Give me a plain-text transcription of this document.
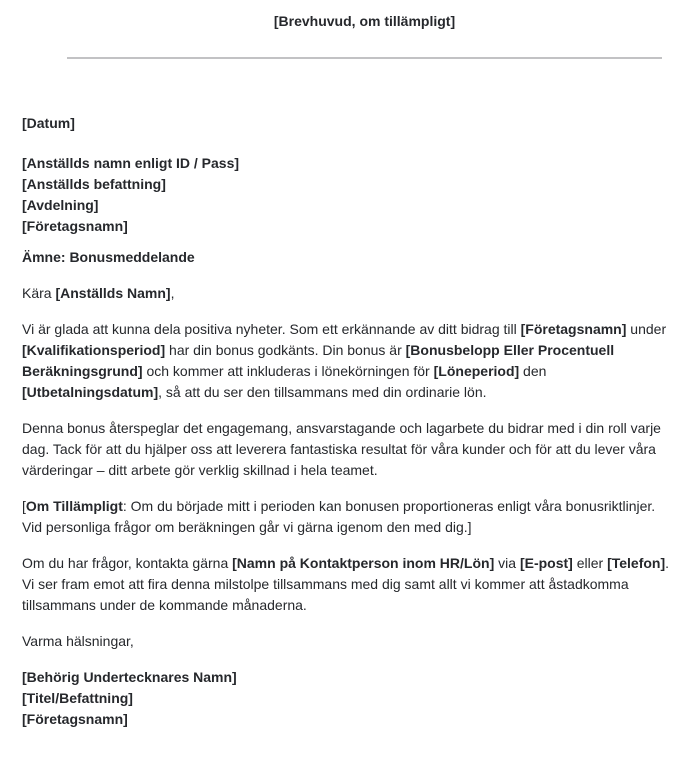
[Brevhuvud, om tillämpligt]
[Datum]
[Anställds namn enligt ID / Pass]
[Anställds befattning]
[Avdelning]
[Företagsnamn]
Ämne: Bonusmeddelande
Kära [Anställds Namn],

Vi är glada att kunna dela positiva nyheter. Som ett erkännande av ditt bidrag till [Företagsnamn] under [Kvalifikationsperiod] har din bonus godkänts. Din bonus är [Bonusbelopp Eller Procentuell Beräkningsgrund] och kommer att inkluderas i lönekörningen för [Löneperiod] den [Utbetalningsdatum], så att du ser den tillsammans med din ordinarie lön.

Denna bonus återspeglar det engagemang, ansvarstagande och lagarbete du bidrar med i din roll varje dag. Tack för att du hjälper oss att leverera fantastiska resultat för våra kunder och för att du lever våra värderingar – ditt arbete gör verklig skillnad i hela teamet.

[Om Tillämpligt: Om du började mitt i perioden kan bonusen proportioneras enligt våra bonusriktlinjer. Vid personliga frågor om beräkningen går vi gärna igenom den med dig.]

Om du har frågor, kontakta gärna [Namn på Kontaktperson inom HR/Lön] via [E-post] eller [Telefon]. Vi ser fram emot att fira denna milstolpe tillsammans med dig samt allt vi kommer att åstadkomma tillsammans under de kommande månaderna.

Varma hälsningar,

[Behörig Undertecknares Namn]
[Titel/Befattning]
[Företagsnamn]
